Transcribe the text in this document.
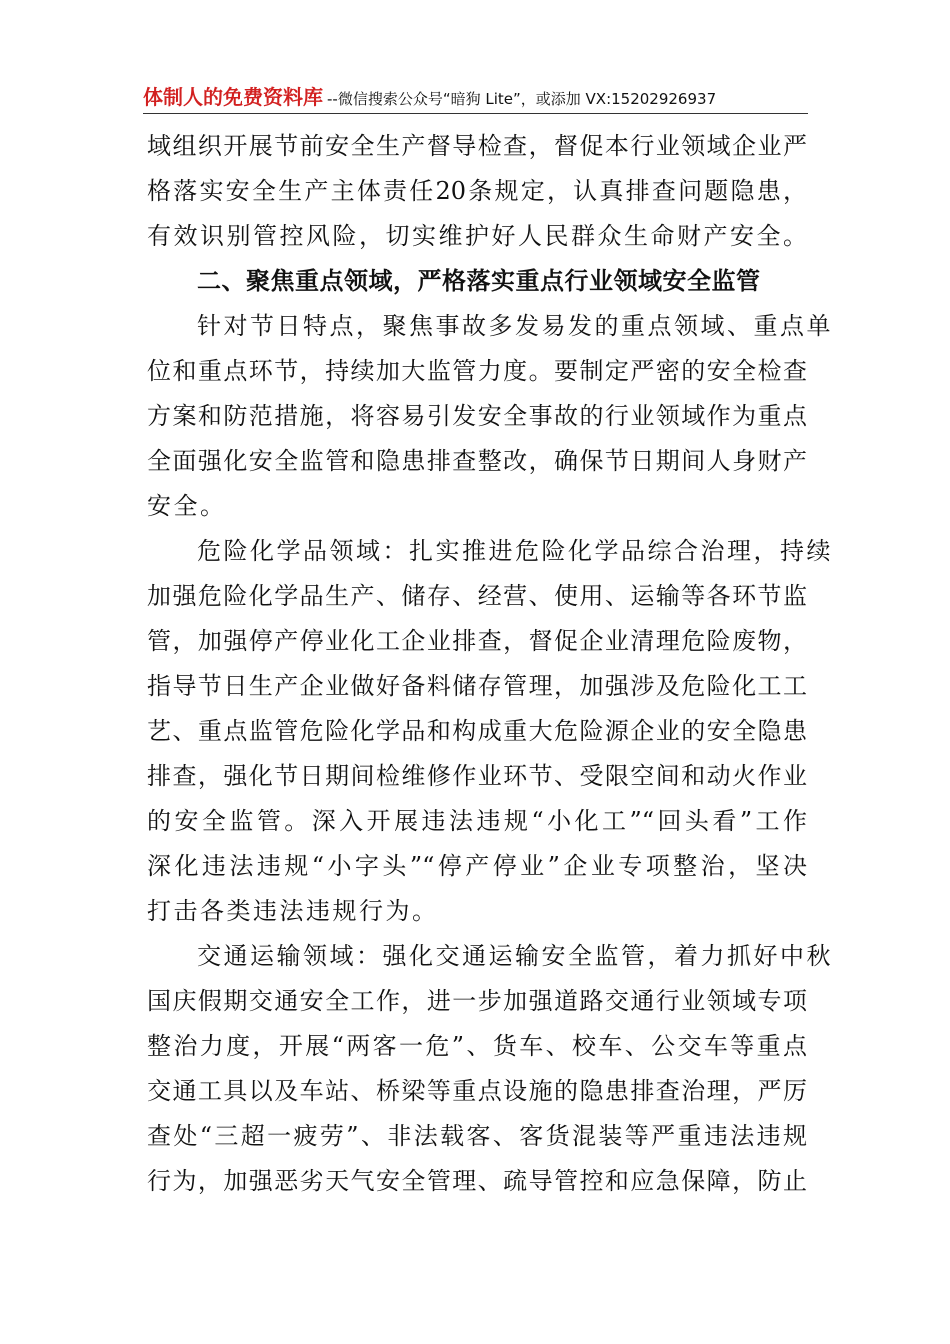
体制人的免费资料库 --微信搜索公众号“暗狗 Lite”，或添加 VX:15202926937
域组织开展节前安全生产督导检查，督促本行业领域企业严
格落实安全生产主体责任20条规定，认真排查问题隐患，
有效识别管控风险，切实维护好人民群众生命财产安全。
二、聚焦重点领域，严格落实重点行业领域安全监管
针对节日特点，聚焦事故多发易发的重点领域、重点单
位和重点环节，持续加大监管力度。要制定严密的安全检查
方案和防范措施，将容易引发安全事故的行业领域作为重点
全面强化安全监管和隐患排查整改，确保节日期间人身财产
安全。
危险化学品领域：扎实推进危险化学品综合治理，持续
加强危险化学品生产、储存、经营、使用、运输等各环节监
管，加强停产停业化工企业排查，督促企业清理危险废物，
指导节日生产企业做好备料储存管理，加强涉及危险化工工
艺、重点监管危险化学品和构成重大危险源企业的安全隐患
排查，强化节日期间检维修作业环节、受限空间和动火作业
的安全监管。深入开展违法违规“小化工”“回头看”工作
深化违法违规“小字头”“停产停业”企业专项整治，坚决
打击各类违法违规行为。
交通运输领域：强化交通运输安全监管，着力抓好中秋
国庆假期交通安全工作，进一步加强道路交通行业领域专项
整治力度，开展“两客一危”、货车、校车、公交车等重点
交通工具以及车站、桥梁等重点设施的隐患排查治理，严厉
查处“三超一疲劳”、非法载客、客货混装等严重违法违规
行为，加强恶劣天气安全管理、疏导管控和应急保障，防止
